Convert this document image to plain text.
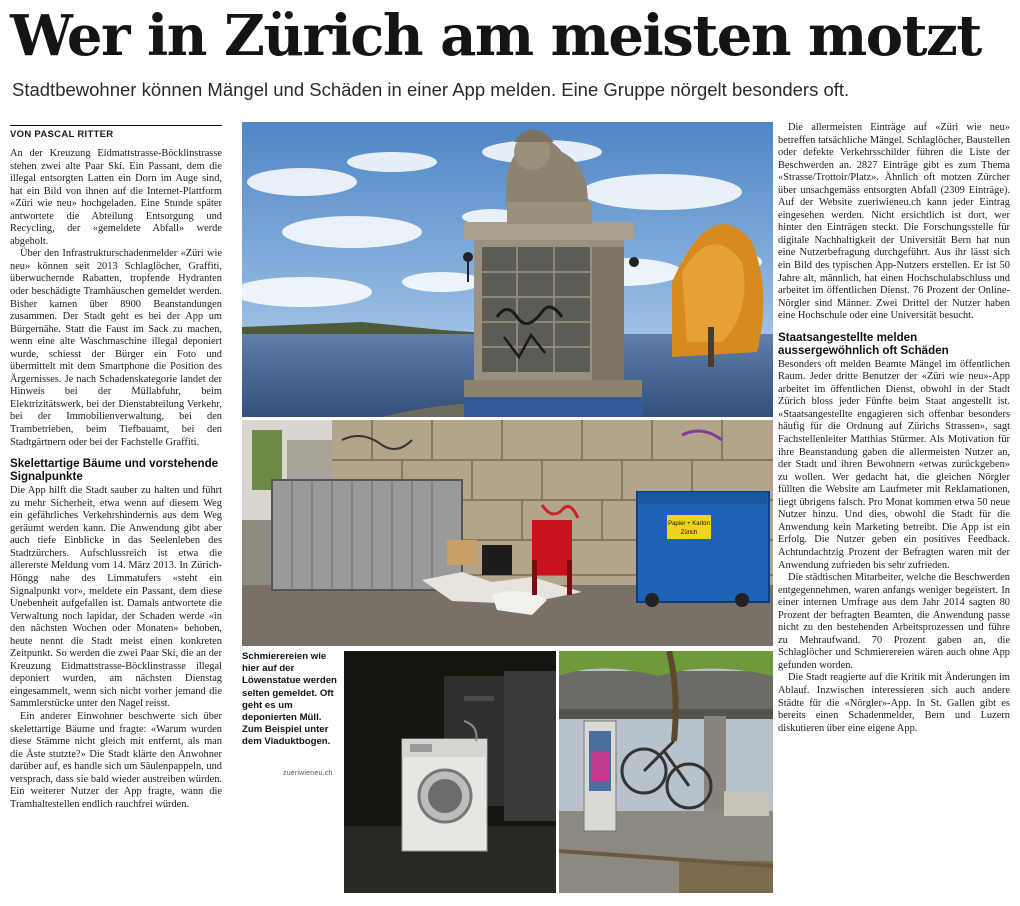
Wer in Zürich am meisten motzt
Stadtbewohner können Mängel und Schäden in einer App melden. Eine Gruppe nörgelt besonders oft.
VON PASCAL RITTER

An der Kreuzung Eidmattstrasse-Böcklinstrasse stehen zwei alte Paar Ski. Ein Passant, dem die illegal entsorgten Latten ein Dorn im Auge sind, hat ein Bild von ihnen auf die Internet-Plattform «Züri wie neu» hochgeladen. Eine Stunde später antwortete die Abteilung Entsorgung und Recycling, der «gemeldete Abfall» werde abgeholt.

Über den Infrastrukturschadenmelder «Züri wie neu» können seit 2013 Schlaglöcher, Graffiti, überwuchernde Rabatten, tropfende Hydranten oder beschädigte Tramhäuschen gemeldet werden. Bisher kamen über 8900 Beanstandungen zusammen. Der Stadt geht es bei der App um Bürgernähe. Statt die Faust im Sack zu machen, wenn eine alte Waschmaschine illegal deponiert wurde, schiesst der Bürger ein Foto und übermittelt mit dem Smartphone die Position des Ärgernisses. Je nach Schadenskategorie landet der Hinweis bei der Müllabfuhr, beim Elektrizitätswerk, bei der Dienstabteilung Verkehr, bei der Immobilienverwaltung, bei den Trambetrieben, beim Tiefbauamt, bei den Stadtgärtnern oder bei der Fachstelle Graffiti.

Skelettartige Bäume und vorstehende Signalpunkte

Die App hilft die Stadt sauber zu halten und führt zu mehr Sicherheit, etwa wenn auf diesem Weg ein gefährliches Verkehrshindernis aus dem Weg geräumt werden kann. Die Anwendung gibt aber auch tiefe Einblicke in das Seelenleben des Stadtzürchers. Aufschlussreich ist etwa die allererste Meldung vom 14. März 2013. In Zürich-Höngg nahe des Limmatufers «steht ein Signalpunkt vor», meldete ein Passant, dem diese Unebenheit aufgefallen ist. Damals antwortete die Verwaltung noch lapidar, der Schaden werde «in den nächsten Wochen oder Monaten» behoben, heute nennt die Stadt meist einen konkreten Zeitpunkt. So werden die zwei Paar Ski, die an der Kreuzung Eidmattstrasse-Böcklinstrasse illegal deponiert wurden, am nächsten Dienstag eingesammelt, wenn sich nicht vorher jemand die Sammlerstücke unter den Nagel reisst.

Ein anderer Einwohner beschwerte sich über skelettartige Bäume und fragte: «Warum wurden diese Stämme nicht gleich mit entfernt, als man die Äste stutzte?» Die Stadt klärte den Anwohner darüber auf, es handle sich um Säulenpappeln, und versprach, dass sie bald wieder austreiben würden. Ein weiterer Nutzer der App fragte, wann die Tramhaltestellen endlich rauchfrei würden.

Die allermeisten Einträge auf «Züri wie neu» betreffen tatsächliche Mängel. Schlaglöcher, Baustellen oder defekte Verkehrsschilder führen die Liste der Beschwerden an. 2827 Einträge gibt es zum Thema «Strasse/Trottoir/Platz». Ähnlich oft motzen Zürcher über unsachgemäss entsorgten Abfall (2309 Einträge). Auf der Website zueriwieneu.ch kann jeder Eintrag eingesehen werden. Nicht ersichtlich ist dort, wer hinter den Einträgen steckt. Die Forschungsstelle für digitale Nachhaltigkeit der Universität Bern hat nun eine Nutzerbefragung durchgeführt. Aus ihr lässt sich ein Bild des typischen App-Nutzers erstellen. Er ist 50 Jahre alt, männlich, hat einen Hochschulabschluss und arbeitet im öffentlichen Dienst. 76 Prozent der Online-Nörgler sind Männer. Zwei Drittel der Nutzer haben eine Hochschule oder eine Universität besucht.

Staatsangestellte melden aussergewöhnlich oft Schäden

Besonders oft melden Beamte Mängel im öffentlichen Raum. Jeder dritte Benutzer der «Züri wie neu»-App arbeitet im öffentlichen Dienst, obwohl in der Stadt Zürich bloss jeder Fünfte beim Staat angestellt ist. «Staatsangestellte engagieren sich offenbar besonders häufig für die Ordnung auf Zürichs Strassen», sagt Fachstellenleiter Matthias Stürmer. Als Motivation für ihre Beanstandung gaben die allermeisten Nutzer an, der Stadt und ihren Bewohnern «etwas zurückgeben» zu wollen. Wer gedacht hat, die gleichen Nörgler füllten die Website am Laufmeter mit Reklamationen, liegt übrigens falsch. Pro Monat kommen etwa 50 neue Nutzer hinzu. Und dies, obwohl die Stadt für die Anwendung kein Marketing betreibt. Die App ist ein Erfolg. Die Nutzer geben ein positives Feedback. Achtundachtzig Prozent der Befragten waren mit der Anwendung zufrieden bis sehr zufrieden.

Die städtischen Mitarbeiter, welche die Beschwerden entgegennehmen, waren anfangs weniger begeistert. In einer internen Umfrage aus dem Jahr 2014 sagten 80 Prozent der befragten Beamten, die Anwendung passe nicht zu den bestehenden Arbeitsprozessen und führe zu Mehraufwand. 70 Prozent gaben an, die Schlaglöcher und Schmierereien wären auch ohne App gefunden worden.

Die Stadt reagierte auf die Kritik mit Änderungen im Ablauf. Inzwischen interessieren sich auch andere Städte für die «Nörgler»-App. In St. Gallen gibt es bereits einen Schadenmelder, Bern und Luzern diskutieren über eine eigene App.

Papier + Karton
Zürich
Schmierereien wie hier auf der Löwenstatue werden selten gemeldet. Oft geht es um deponierten Müll. Zum Beispiel unter dem Viaduktbogen.
zueriwieneu.ch
